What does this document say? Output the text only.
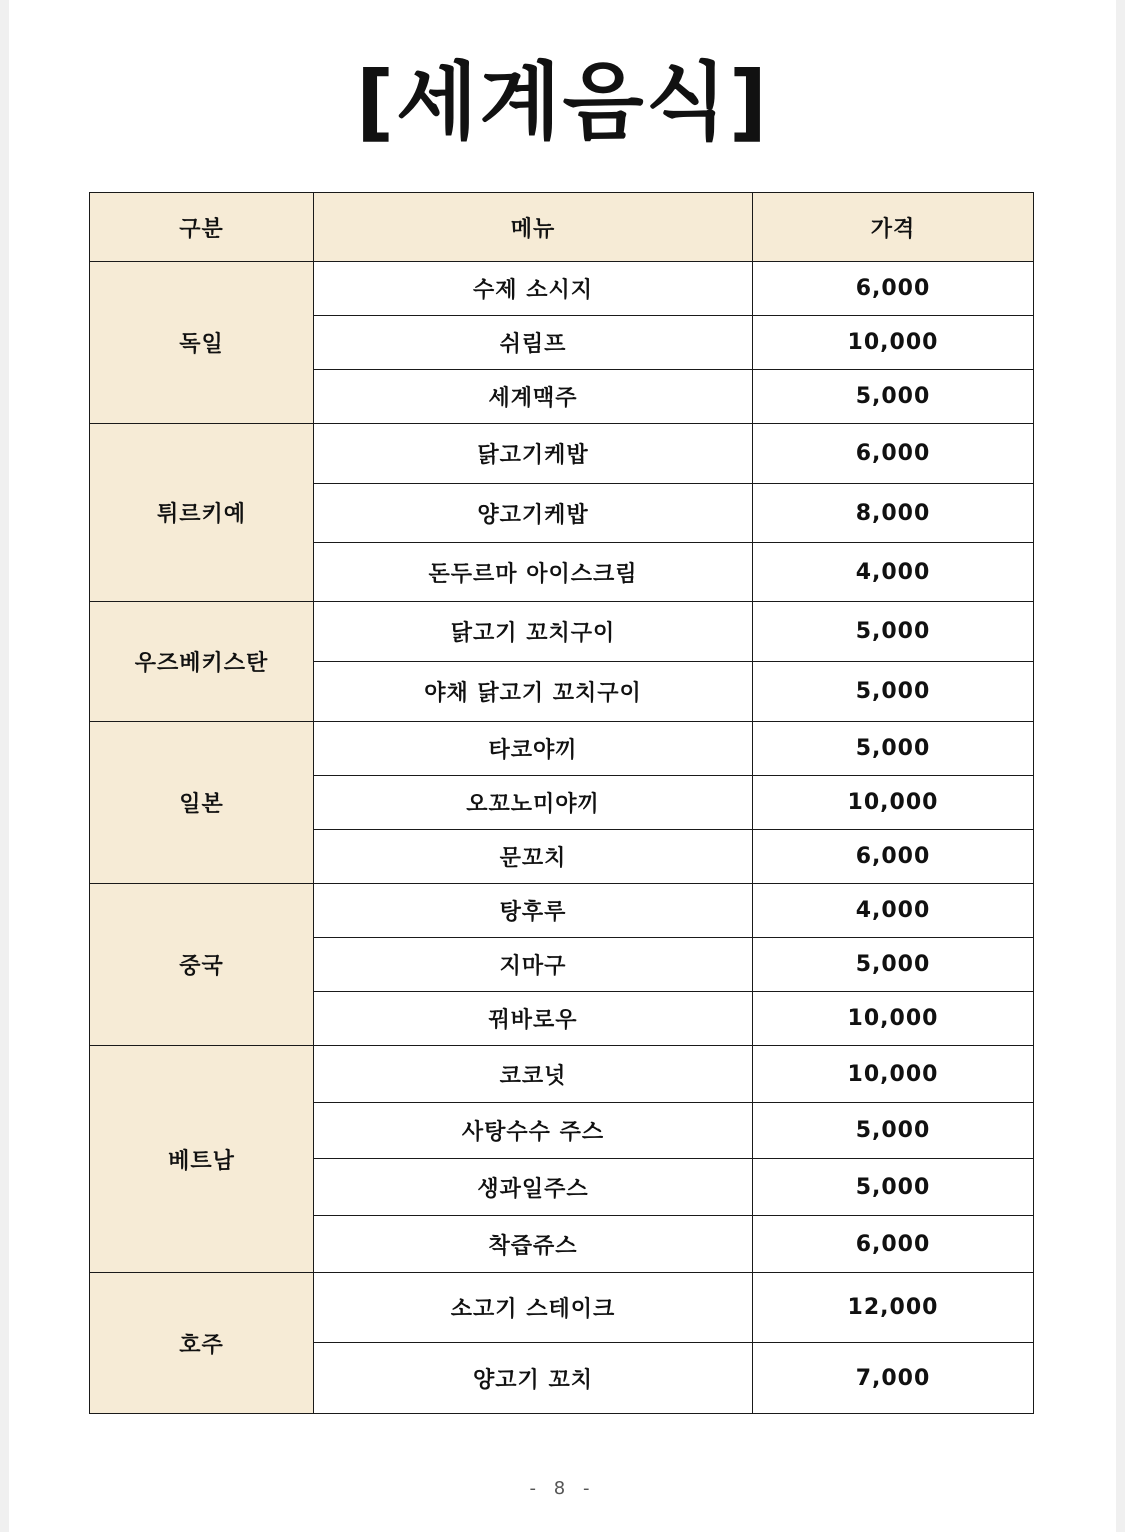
[세계음식]
구분	메뉴	가격
독일	수제 소시지	6,000
	쉬림프	10,000
	세계맥주	5,000
튀르키예	닭고기케밥	6,000
	양고기케밥	8,000
	돈두르마 아이스크림	4,000
우즈베키스탄	닭고기 꼬치구이	5,000
	야채 닭고기 꼬치구이	5,000
일본	타코야끼	5,000
	오꼬노미야끼	10,000
	문꼬치	6,000
중국	탕후루	4,000
	지마구	5,000
	꿔바로우	10,000
베트남	코코넛	10,000
	사탕수수 주스	5,000
	생과일주스	5,000
	착즙쥬스	6,000
호주	소고기 스테이크	12,000
	양고기 꼬치	7,000
- 8 -
